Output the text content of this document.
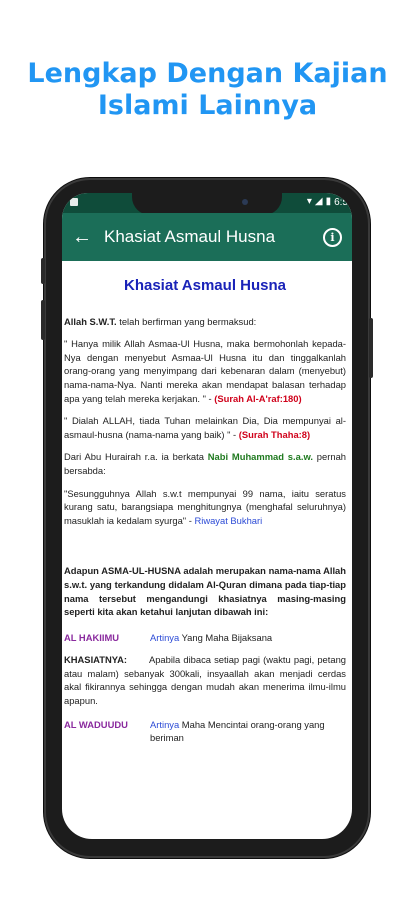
Lengkap Dengan Kajian
Islami Lainnya
▾ ◢ ▮ 6:5
← Khasiat Asmaul Husna	i
Khasiat Asmaul Husna

Allah S.W.T. telah berfirman yang bermaksud:

" Hanya milik Allah Asmaa-Ul Husna, maka bermohonlah kepada-Nya dengan menyebut Asmaa-Ul Husna itu dan tinggalkanlah orang-orang yang menyimpang dari kebenaran dalam (menyebut) nama-nama-Nya. Nanti mereka akan mendapat balasan terhadap apa yang telah mereka kerjakan. " - (Surah Al-A'raf:180)

" Dialah ALLAH, tiada Tuhan melainkan Dia, Dia mempunyai al-asmaul-husna (nama-nama yang baik) " - (Surah Thaha:8)

Dari Abu Hurairah r.a. ia berkata Nabi Muhammad s.a.w. pernah bersabda:

"Sesungguhnya Allah s.w.t mempunyai 99 nama, iaitu seratus kurang satu, barangsiapa menghitungnya (menghafal seluruhnya) masuklah ia kedalam syurga" - Riwayat Bukhari

Adapun ASMA-UL-HUSNA adalah merupakan nama-nama Allah s.w.t. yang terkandung didalam Al-Quran dimana pada tiap-tiap nama tersebut mengandungi khasiatnya masing-masing seperti kita akan ketahui lanjutan dibawah ini:

AL HAKIIMU	Artinya Yang Maha Bijaksana

KHASIATNYA: Apabila dibaca setiap pagi (waktu pagi, petang atau malam) sebanyak 300kali, insyaallah akan menjadi cerdas akal fikirannya sehingga dengan mudah akan menerima ilmu-ilmu apapun.

AL WADUUDU	Artinya Maha Mencintai orang-orang yang beriman
